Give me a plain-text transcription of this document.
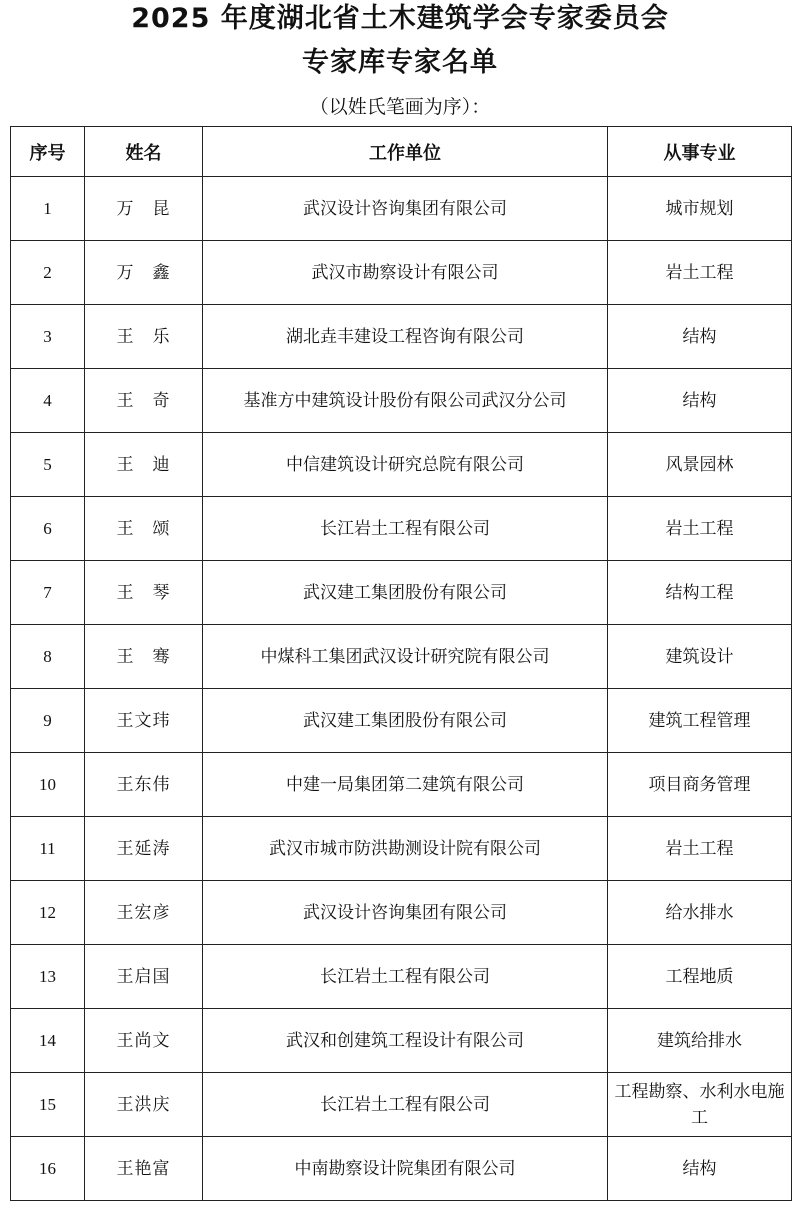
2025 年度湖北省土木建筑学会专家委员会
专家库专家名单
（以姓氏笔画为序）：
序号	姓名	工作单位	从事专业
1	万　昆	武汉设计咨询集团有限公司	城市规划
2	万　鑫	武汉市勘察设计有限公司	岩土工程
3	王　乐	湖北垚丰建设工程咨询有限公司	结构
4	王　奇	基准方中建筑设计股份有限公司武汉分公司	结构
5	王　迪	中信建筑设计研究总院有限公司	风景园林
6	王　颂	长江岩土工程有限公司	岩土工程
7	王　琴	武汉建工集团股份有限公司	结构工程
8	王　骞	中煤科工集团武汉设计研究院有限公司	建筑设计
9	王文玮	武汉建工集团股份有限公司	建筑工程管理
10	王东伟	中建一局集团第二建筑有限公司	项目商务管理
11	王延涛	武汉市城市防洪勘测设计院有限公司	岩土工程
12	王宏彦	武汉设计咨询集团有限公司	给水排水
13	王启国	长江岩土工程有限公司	工程地质
14	王尚文	武汉和创建筑工程设计有限公司	建筑给排水
15	王洪庆	长江岩土工程有限公司	工程勘察、水利水电施工
16	王艳富	中南勘察设计院集团有限公司	结构
